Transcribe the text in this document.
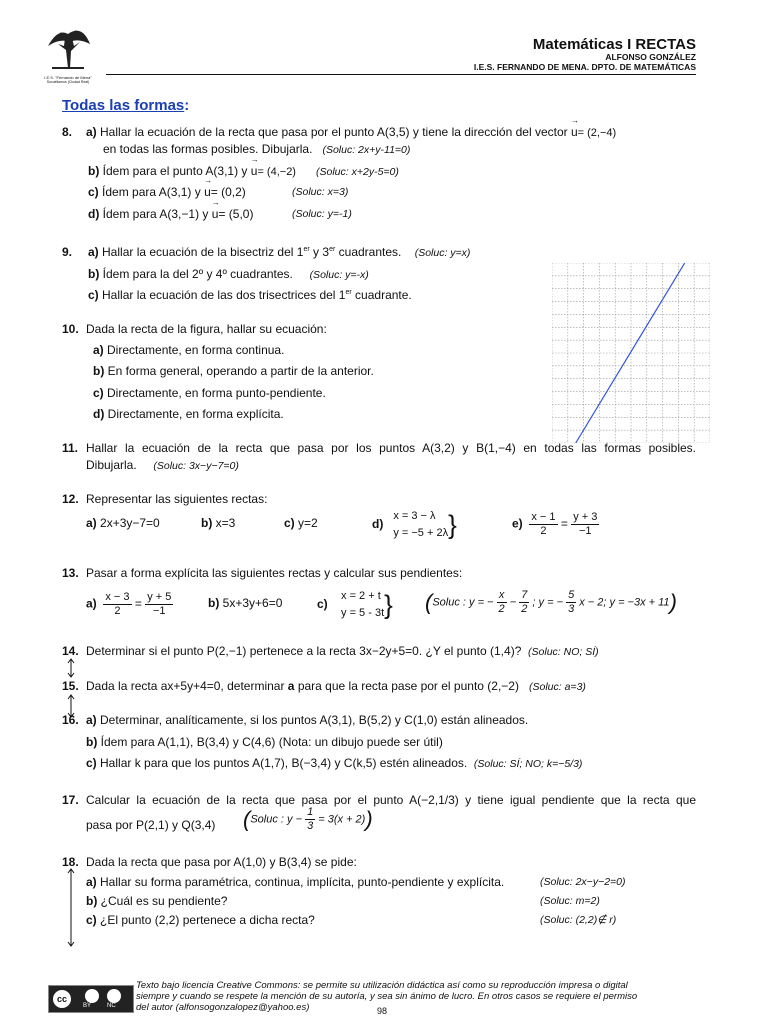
I.E.S. "Fernando de Mena"
Socuéllamos (Ciudad Real)
Matemáticas I RECTAS
ALFONSO GONZÁLEZ
I.E.S. FERNANDO DE MENA. DPTO. DE MATEMÁTICAS
Todas las formas:
8. a) Hallar la ecuación de la recta que pasa por el punto A(3,5) y tiene la dirección del vector → u= (2,−4)
en todas las formas posibles. Dibujarla. (Soluc: 2x+y-11=0)
b) Ídem para el punto A(3,1) y → u= (4,−2) (Soluc: x+2y-5=0)
c) Ídem para A(3,1) y → u= (0,2)	(Soluc: x=3)
d) Ídem para A(3,−1) y → u= (5,0)	(Soluc: y=-1)
9. a) Hallar la ecuación de la bisectriz del 1er y 3er cuadrantes. (Soluc: y=x)
b) Ídem para la del 2º y 4º cuadrantes. (Soluc: y=-x)
c) Hallar la ecuación de las dos trisectrices del 1er cuadrante.
10. Dada la recta de la figura, hallar su ecuación:
a) Directamente, en forma continua.
b) En forma general, operando a partir de la anterior.
c) Directamente, en forma punto-pendiente.
d) Directamente, en forma explícita.
11. Hallar la ecuación de la recta que pasa por los puntos A(3,2) y B(1,−4) en todas las formas posibles.
Dibujarla. (Soluc: 3x−y−7=0)
12. Representar las siguientes rectas:
a) 2x+3y−7=0	b) x=3	c) y=2	d)   x = 3 − λ
y = −5 + 2λ}	$e) \frac{x - 1}{2} = \frac{y + 3}{-1}$
13. Pasar a forma explícita las siguientes rectas y calcular sus pendientes:
$a) \frac{x - 3}{2} = \frac{y + 5}{-1}$	b) 5x+3y+6=0	c)    x = 2 + t
y = 5 - 3t} (Soluc : y = − $\frac{x}{2} - \frac{7}{2}$ ; y = − $\frac{5}{3}$ x − 2; y = −3x + 11)
14. Determinar si el punto P(2,−1) pertenece a la recta 3x−2y+5=0. ¿Y el punto (1,4)? (Soluc: NO; SÍ)
15. Dada la recta ax+5y+4=0, determinar a para que la recta pase por el punto (2,−2) (Soluc: a=3)
16. a) Determinar, analíticamente, si los puntos A(3,1), B(5,2) y C(1,0) están alineados.
b) Ídem para A(1,1), B(3,4) y C(4,6) (Nota: un dibujo puede ser útil)
c) Hallar k para que los puntos A(1,7), B(−3,4) y C(k,5) estén alineados. (Soluc: SÍ; NO; k=−5/3)
17. Calcular la ecuación de la recta que pasa por el punto A(−2,1/3) y tiene igual pendiente que la recta que
pasa por P(2,1) y Q(3,4) (Soluc : $y - \frac{1}{3} = 3(x + 2)$)
18. Dada la recta que pasa por A(1,0) y B(3,4) se pide:
a) Hallar su forma paramétrica, continua, implícita, punto-pendiente y explícita.	(Soluc: 2x−y−2=0)
b) ¿Cuál es su pendiente?	(Soluc: m=2)
c) ¿El punto (2,2) pertenece a dicha recta?	(Soluc: (2,2)∉ r)
cc
BY	NC
Texto bajo licencia Creative Commons: se permite su utilización didáctica así como su reproducción impresa o digital
siempre y cuando se respete la mención de su autoría, y sea sin ánimo de lucro. En otros casos se requiere el permiso
del autor (alfonsogonzalopez@yahoo.es)	98
